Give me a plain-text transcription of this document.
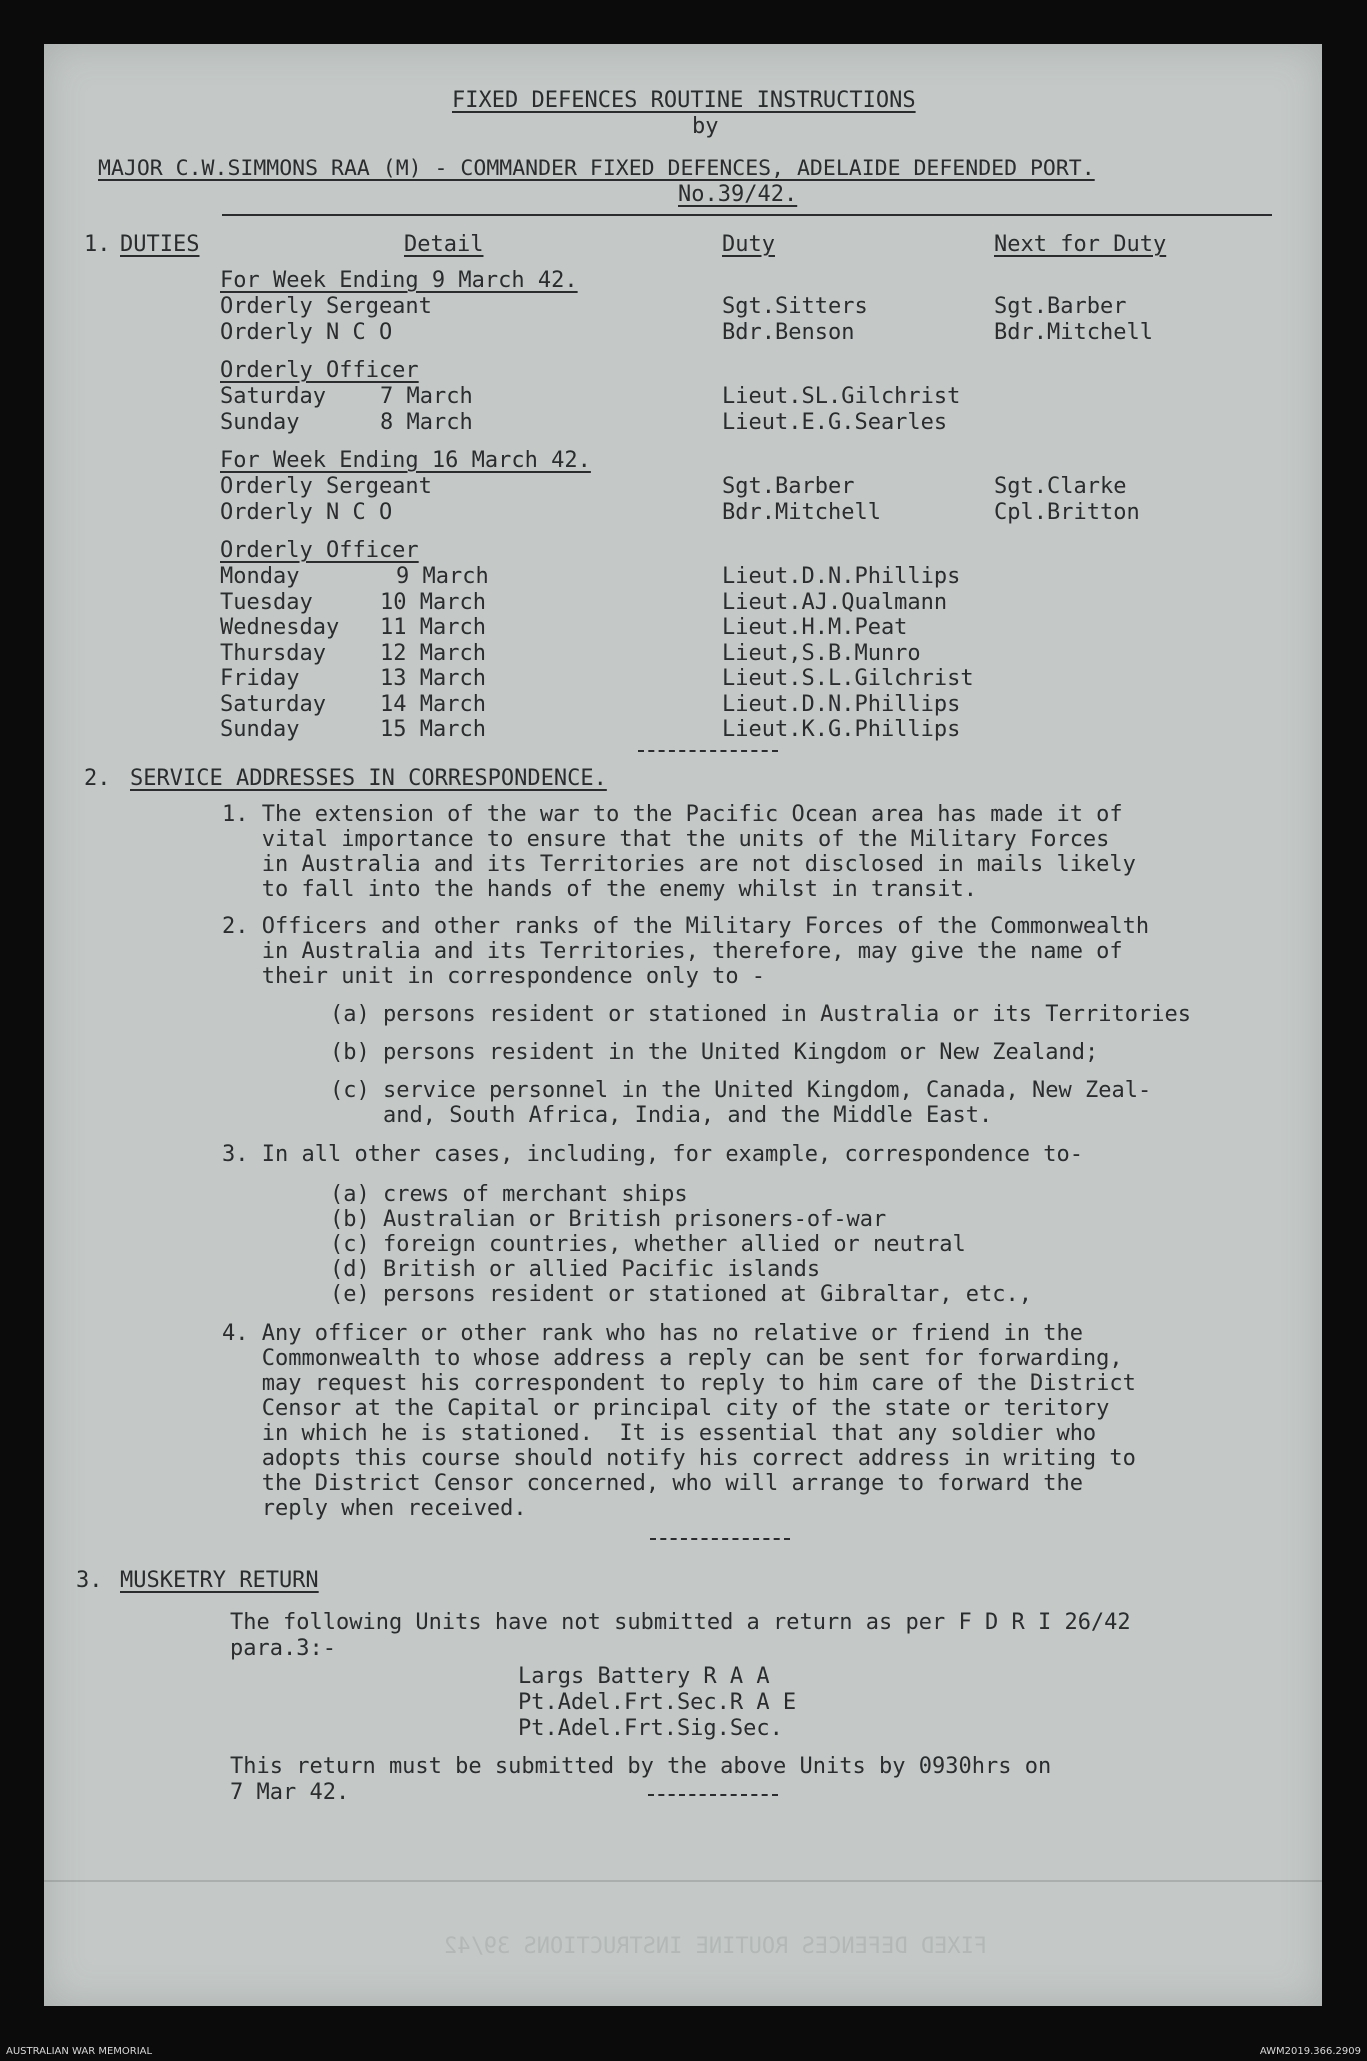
FIXED DEFENCES ROUTINE INSTRUCTIONS 39/42
FIXED DEFENCES ROUTINE INSTRUCTIONS
by
MAJOR C.W.SIMMONS RAA (M) - COMMANDER FIXED DEFENCES, ADELAIDE DEFENDED PORT.
No.39/42.
1. DUTIES	Detail	Duty	Next for Duty
For Week Ending 9 March 42.
Orderly Sergeant	Sgt.Sitters	Sgt.Barber
Orderly N C O	Bdr.Benson	Bdr.Mitchell
Orderly Officer
Saturday 7 March	Lieut.SL.Gilchrist
Sunday	8 March	Lieut.E.G.Searles
For Week Ending 16 March 42.
Orderly Sergeant	Sgt.Barber	Sgt.Clarke
Orderly N C O	Bdr.Mitchell	Cpl.Britton
Orderly Officer
Monday	9 March	Lieut.D.N.Phillips
Tuesday	10 March	Lieut.AJ.Qualmann
Wednesday 11 March	Lieut.H.M.Peat
Thursday 12 March	Lieut,S.B.Munro
Friday	13 March	Lieut.S.L.Gilchrist
Saturday 14 March	Lieut.D.N.Phillips
Sunday	15 March	Lieut.K.G.Phillips
2. SERVICE ADDRESSES IN CORRESPONDENCE.
1. The extension of the war to the Pacific Ocean area has made it of
vital importance to ensure that the units of the Military Forces
in Australia and its Territories are not disclosed in mails likely
to fall into the hands of the enemy whilst in transit.
2. Officers and other ranks of the Military Forces of the Commonwealth
in Australia and its Territories, therefore, may give the name of
their unit in correspondence only to -
(a) persons resident or stationed in Australia or its Territories
(b) persons resident in the United Kingdom or New Zealand;
(c) service personnel in the United Kingdom, Canada, New Zeal-
and, South Africa, India, and the Middle East.
3. In all other cases, including, for example, correspondence to-
(a) crews of merchant ships
(b) Australian or British prisoners-of-war
(c) foreign countries, whether allied or neutral
(d) British or allied Pacific islands
(e) persons resident or stationed at Gibraltar, etc.,
4. Any officer or other rank who has no relative or friend in the
Commonwealth to whose address a reply can be sent for forwarding,
may request his correspondent to reply to him care of the District
Censor at the Capital or principal city of the state or teritory
in which he is stationed.  It is essential that any soldier who
adopts this course should notify his correct address in writing to
the District Censor concerned, who will arrange to forward the
reply when received.
3. MUSKETRY RETURN
The following Units have not submitted a return as per F D R I 26/42
para.3:-
Largs Battery R A A
Pt.Adel.Frt.Sec.R A E
Pt.Adel.Frt.Sig.Sec.
This return must be submitted by the above Units by 0930hrs on
7 Mar 42.
AUSTRALIAN WAR MEMORIAL	AWM2019.366.2909
